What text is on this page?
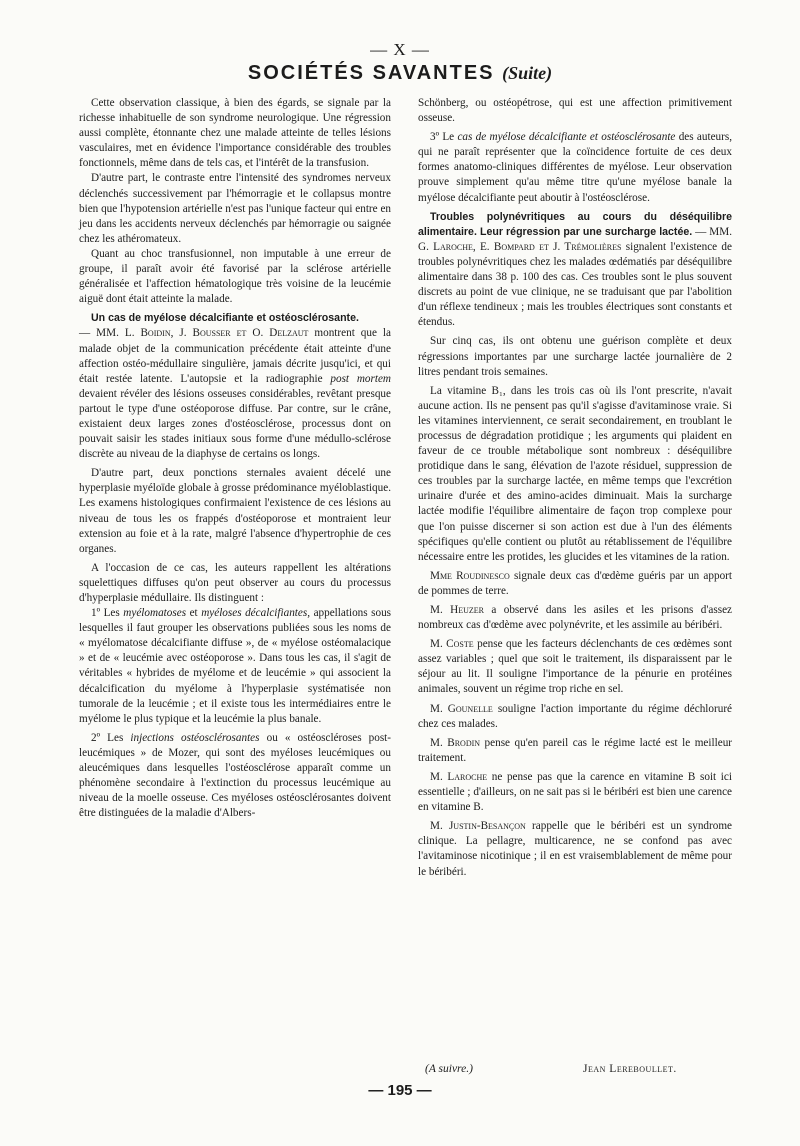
— X —
SOCIÉTÉS SAVANTES (Suite)

Cette observation classique, à bien des égards, se signale par la richesse inhabituelle de son syndrome neurologique. Une régression aussi complète, étonnante chez une malade atteinte de telles lésions vasculaires, met en évidence l'importance considérable des troubles fonctionnels, même dans de tels cas, et l'intérêt de la transfusion.

D'autre part, le contraste entre l'intensité des syndromes nerveux déclenchés successivement par l'hémorragie et le collapsus montre bien que l'hypotension artérielle n'est pas l'unique facteur qui entre en jeu dans les accidents nerveux déclenchés par hémorragie ou saignée chez les athéromateux.

Quant au choc transfusionnel, non imputable à une erreur de groupe, il paraît avoir été favorisé par la sclérose artérielle généralisée et l'affection hématologique très voisine de la leucémie aiguë dont était atteinte la malade.

Un cas de myélose décalcifiante et ostéosclérosante.

— MM. L. Boidin, J. Bousser et O. Delzaut montrent que la malade objet de la communication précédente était atteinte d'une affection ostéo-médullaire singulière, jamais décrite jusqu'ici, et qui était restée latente. L'autopsie et la radiographie post mortem devaient révéler des lésions osseuses considérables, revêtant presque partout le type d'une ostéoporose diffuse. Par contre, sur le crâne, existaient deux larges zones d'ostéosclérose, processus dont on pouvait saisir les stades initiaux sous forme d'une médullo-sclérose discrète au niveau de la diaphyse de certains os longs.

D'autre part, deux ponctions sternales avaient décelé une hyperplasie myéloïde globale à grosse prédominance myéloblastique. Les examens histologiques confirmaient l'existence de ces lésions au niveau de tous les os frappés d'ostéoporose et montraient leur extension au foie et à la rate, malgré l'absence d'hypertrophie de ces organes.

A l'occasion de ce cas, les auteurs rappellent les altérations squelettiques diffuses qu'on peut observer au cours du processus d'hyperplasie médullaire. Ils distinguent :

1º Les myélomatoses et myéloses décalcifiantes, appellations sous lesquelles il faut grouper les observations publiées sous les noms de « myélomatose décalcifiante diffuse », de « myélose ostéomalacique » et de « leucémie avec ostéoporose ». Dans tous les cas, il s'agit de véritables « hybrides de myélome et de leucémie » qui associent la décalcification du myélome à l'hyperplasie systématisée non tumorale de la leucémie ; et il existe tous les intermédiaires entre le myélome le plus typique et la leucémie la plus banale.

2º Les injections ostéosclérosantes ou « ostéoscléroses post-leucémiques » de Mozer, qui sont des myéloses leucémiques ou aleucémiques dans lesquelles l'ostéosclérose apparaît comme un phénomène secondaire à l'extinction du processus leucémique au niveau de la moelle osseuse. Ces myéloses ostéosclérosantes doivent être distinguées de la maladie d'Albers-

Schönberg, ou ostéopétrose, qui est une affection primitivement osseuse.

3º Le cas de myélose décalcifiante et ostéosclérosante des auteurs, qui ne paraît représenter que la coïncidence fortuite de ces deux formes anatomo-cliniques différentes de myélose. Leur observation prouve simplement qu'au même titre qu'une myélose banale la myélose décalcifiante peut aboutir à l'ostéosclérose.

Troubles polynévritiques au cours du déséquilibre alimentaire. Leur régression par une surcharge lactée. — MM. G. Laroche, E. Bompard et J. Trémolières signalent l'existence de troubles polynévritiques chez les malades œdématiés par déséquilibre alimentaire dans 38 p. 100 des cas. Ces troubles sont le plus souvent discrets au point de vue clinique, ne se traduisant que par l'abolition d'un réflexe tendineux ; mais les troubles électriques sont constants et étendus.

Sur cinq cas, ils ont obtenu une guérison complète et deux régressions importantes par une surcharge lactée journalière de 2 litres pendant trois semaines.

La vitamine B₁, dans les trois cas où ils l'ont prescrite, n'avait aucune action. Ils ne pensent pas qu'il s'agisse d'avitaminose vraie. Si les vitamines interviennent, ce serait secondairement, en troublant le processus de dégradation protidique ; les arguments qui plaident en faveur de ce trouble métabolique sont nombreux : déséquilibre protidique dans le sang, élévation de l'azote résiduel, suppression de ces troubles par la surcharge lactée, en même temps que l'excrétion urinaire d'urée et des amino-acides diminuait. Mais la surcharge lactée modifie l'équilibre alimentaire de façon trop complexe pour que l'on puisse discerner si son action est due à l'un des éléments spécifiques qu'elle contient ou plutôt au rétablissement de l'équilibre nécessaire entre les protides, les glucides et les vitamines de la ration.

Mme Roudinesco signale deux cas d'œdème guéris par un apport de pommes de terre.

M. Heuzer a observé dans les asiles et les prisons d'assez nombreux cas d'œdème avec polynévrite, et les assimile au béribéri.

M. Coste pense que les facteurs déclenchants de ces œdèmes sont assez variables ; quel que soit le traitement, ils disparaissent par le séjour au lit. Il souligne l'importance de la pénurie en protéines animales, souvent un régime trop riche en sel.

M. Gounelle souligne l'action importante du régime déchloruré chez ces malades.

M. Brodin pense qu'en pareil cas le régime lacté est le meilleur traitement.

M. Laroche ne pense pas que la carence en vitamine B soit ici essentielle ; d'ailleurs, on ne sait pas si le béribéri est bien une carence en vitamine B.

M. Justin-Besançon rappelle que le béribéri est un syndrome clinique. La pellagre, multicarence, ne se confond pas avec l'avitaminose nicotinique ; il en est vraisemblablement de même pour le béribéri.

(A suivre.)	Jean Lereboullet.
— 195 —
